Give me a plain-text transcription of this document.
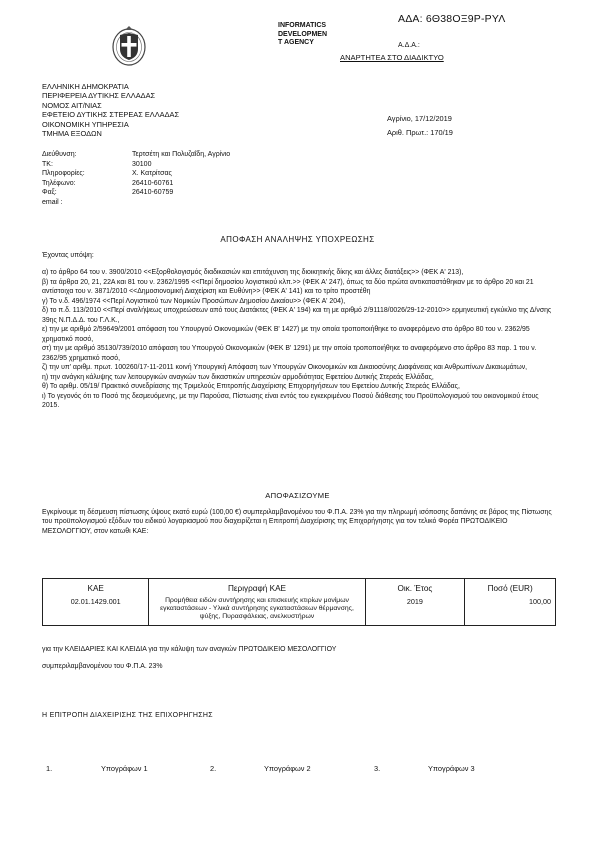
ΑΔΑ: 6Θ38ΟΞ9Ρ-ΡΥΛ
INFORMATICS
DEVELOPMEN
T AGENCY	Α.Δ.Α.:
ΑΝΑΡΤΗΤΕΑ ΣΤΟ ΔΙΑΔΙΚΤΥΟ
ΕΛΛΗΝΙΚΗ ΔΗΜΟΚΡΑΤΙΑ
ΠΕΡΙΦΕΡΕΙΑ ΔΥΤΙΚΗΣ ΕΛΛΑΔΑΣ
ΝΟΜΟΣ ΑΙΤ/ΝΙΑΣ
ΕΦΕΤΕΙΟ ΔΥΤΙΚΗΣ ΣΤΕΡΕΑΣ ΕΛΛΑΔΑΣ
ΟΙΚΟΝΟΜΙΚΗ ΥΠΗΡΕΣΙΑ
ΤΜΗΜΑ ΕΞΟΔΩΝ
Αγρίνιο, 17/12/2019
Αριθ. Πρωτ.: 170/19
Διεύθυνση:	Τερτσέτη και Πολυζαΐδη, Αγρίνιο
ΤΚ:	30100
Πληροφορίες:	Χ. Κατρίτσας
Τηλέφωνο:	26410-60761
Φαξ:	26410-60759
email :
ΑΠΟΦΑΣΗ ΑΝΑΛΗΨΗΣ ΥΠΟΧΡΕΩΣΗΣ
Έχοντας υπόψη:

α) το άρθρο 64 του ν. 3900/2010 <<Εξορθολογισμός διαδικασιών και επιτάχυνση της διοικητικής δίκης και άλλες διατάξεις>> (ΦΕΚ Α' 213),

β) τα άρθρα 20, 21, 22Α και 81 του ν. 2362/1995 <<Περί δημοσίου λογιστικού κλπ.>> (ΦΕΚ Α' 247), όπως τα δύο πρώτα αντικαταστάθηκαν με το άρθρο 20 και 21 αντίστοιχα του ν. 3871/2010 <<Δημοσιονομική Διαχείριση και Ευθύνη>> (ΦΕΚ Α' 141) και το τρίτο προστέθη

γ) Το ν.δ. 496/1974 <<Περί Λογιστικού των Νομικών Προσώπων Δημοσίου Δικαίου>> (ΦΕΚ Α' 204),

δ) το π.δ. 113/2010 <<Περί αναλήψεως υποχρεώσεων από τους Διατάκτες (ΦΕΚ Α' 194) και τη με αριθμό 2/91118/0026/29-12-2010>> ερμηνευτική εγκύκλιο της Δ/νσης 39ης Ν.Π.Δ.Δ. του Γ.Λ.Κ.,

ε) την με αριθμό 2/59649/2001 απόφαση του Υπουργού Οικονομικών (ΦΕΚ Β' 1427) με την οποία τροποποιήθηκε το αναφερόμενο στο άρθρο 80 του ν. 2362/95 χρηματικό ποσό,

στ) την με αριθμό 35130/739/2010 απόφαση του Υπουργού Οικονομικών (ΦΕΚ Β' 1291) με την οποία τροποποιήθηκε το αναφερόμενο στο άρθρο 83 παρ. 1 του ν. 2362/95 χρηματικό ποσό,

ζ) την υπ' αριθμ. πρωτ. 100260/17-11-2011 κοινή Υπουργική Απόφαση των Υπουργών Οικονομικών και Δικαιοσύνης Διαφάνειας και Ανθρωπίνων Δικαιωμάτων,

η) την ανάγκη κάλυψης των λειτουργικών αναγκών των δικαστικών υπηρεσιών αρμοδιότητας Εφετείου Δυτικής Στερεάς Ελλάδας,

θ) Το αριθμ. 05/19/ Πρακτικό συνεδρίασης της Τριμελούς Επιτροπής Διαχείρισης Επιχορηγήσεων του Εφετείου Δυτικής Στερεάς Ελλάδας,

ι) Το γεγονός ότι το Ποσό της δεσμευόμενης, με την Παρούσα, Πίστωσης είναι εντός του εγκεκριμένου Ποσού διάθεσης του Προϋπολογισμού του οικονομικού έτους 2015.

ΑΠΟΦΑΣΙΖΟΥΜΕ
Εγκρίνουμε τη δέσμευση πίστωσης ύψους εκατό ευρώ (100,00 €) συμπεριλαμβανομένου του Φ.Π.Α. 23% για την πληρωμή ισόποσης δαπάνης σε βάρος της Πίστωσης του προϋπολογισμού εξόδων του ειδικού λογαριασμού που διαχειρίζεται η Επιτροπή Διαχείρισης της Επιχορήγησης για τον τελικό Φορέα ΠΡΩΤΟΔΙΚΕΙΟ ΜΕΣΟΛΟΓΓΙΟΥ, στον κατωθι ΚΑΕ:
ΚΑΕ	Περιγραφή ΚΑΕ	Οικ. Έτος	Ποσό (EUR)
02.01.1429.001	Προμήθεια ειδών συντήρησης και επισκευής κτιρίων μονίμων εγκαταστάσεων - Υλικά συντήρησης εγκαταστάσεων θέρμανσης, ψύξης, Πυρασφάλειας, ανελκυστήρων	2019	100,00
για την ΚΛΕΙΔΑΡΙΕΣ ΚΑΙ ΚΛΕΙΔΙΑ για την κάλυψη των αναγκών ΠΡΩΤΟΔΙΚΕΙΟ ΜΕΣΟΛΟΓΓΙΟΥ
συμπεριλαμβανομένου του Φ.Π.Α. 23%
Η ΕΠΙΤΡΟΠΗ ΔΙΑΧΕΙΡΙΣΗΣ ΤΗΣ ΕΠΙΧΟΡΗΓΗΣΗΣ
1.	Υπογράφων 1	2.	Υπογράφων 2	3.	Υπογράφων 3
